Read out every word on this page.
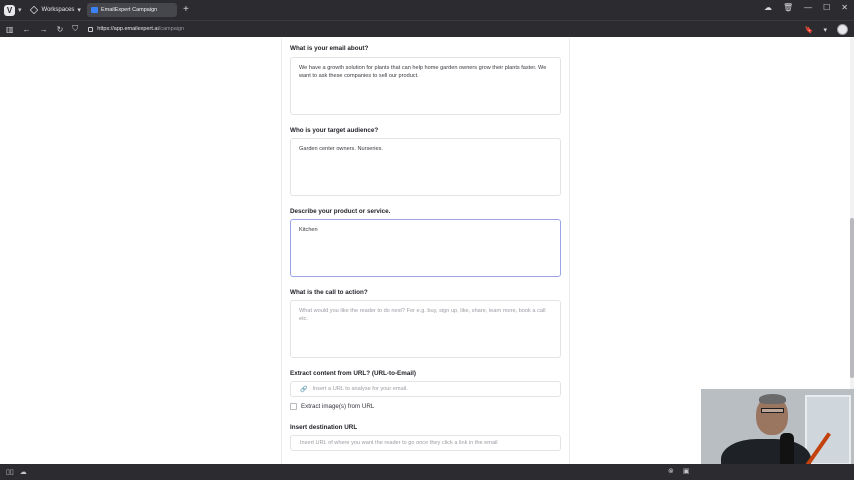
V ▾	Workspaces ▾	EmailExpert Campaign	+	☁ 🗑 — ☐ ✕
▥ ← → ↻ ⛉	https://app.emailexpert.ai /campaign	🔖 ▾
What is your email about?
We have a growth solution for plants that can help home garden owners grow their plants faster. We want to ask these companies to sell our product.
Who is your target audience?
Garden center owners. Nurseries.
Describe your product or service.
Kitchen
What is the call to action?
What would you like the reader to do next? For e.g. buy, sign up, like, share, learn more, book a call etc.
Extract content from URL? (URL-to-Email)
🔗 Insert a URL to analyse for your email.
Extract image(s) from URL
Insert destination URL
Insert URL of where you want the reader to go once they click a link in the email
▯▯ ☁	⊗ ▣
